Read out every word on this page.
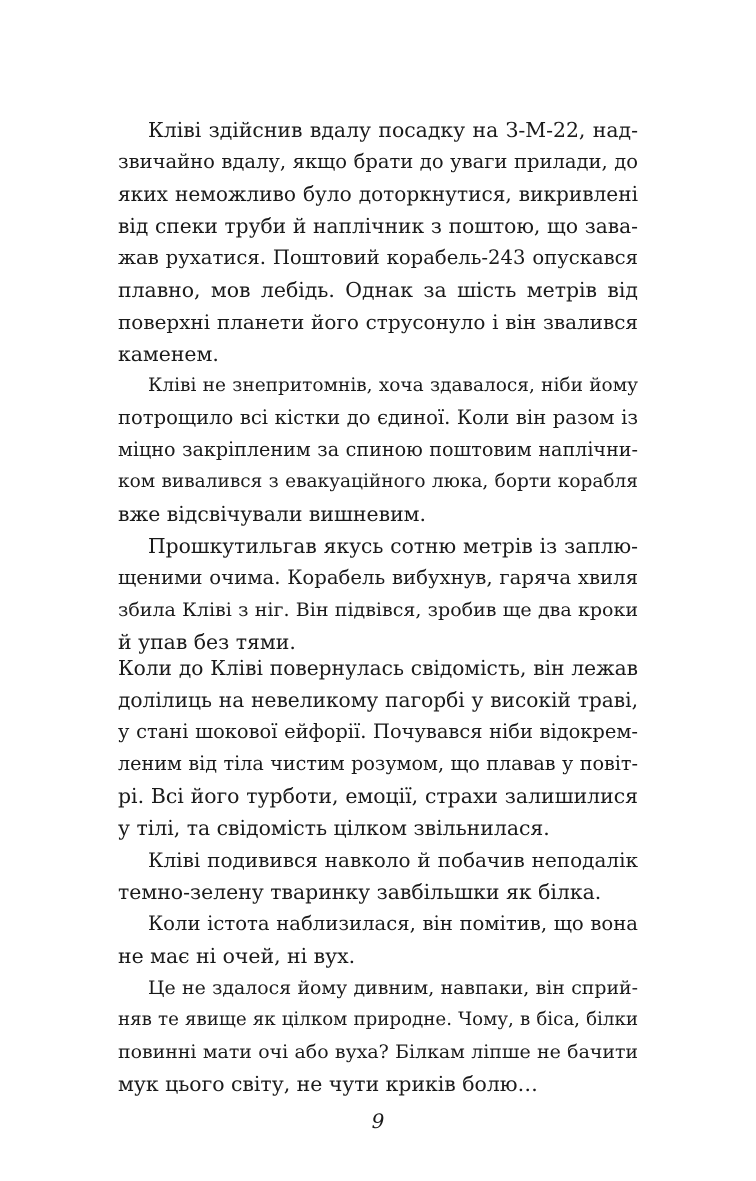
Кліві здійснив вдалу посадку на З-М-22, над-
звичайно вдалу, якщо брати до уваги прилади, до
яких неможливо було доторкнутися, викривлені
від спеки труби й наплічник з поштою, що зава-
жав рухатися. Поштовий корабель-243 опускався
плавно, мов лебідь. Однак за шість метрів від
поверхні планети його струсонуло і він звалився
каменем.
Кліві не знепритомнів, хоча здавалося, ніби йому
потрощило всі кістки до єдиної. Коли він разом із
міцно закріпленим за спиною поштовим наплічни-
ком вивалився з евакуаційного люка, борти корабля
вже відсвічували вишневим.
Прошкутильгав якусь сотню метрів із заплю-
щеними очима. Корабель вибухнув, гаряча хвиля
збила Кліві з ніг. Він підвівся, зробив ще два кроки
й упав без тями.
Коли до Кліві повернулась свідомість, він лежав
долілиць на невеликому пагорбі у високій траві,
у стані шокової ейфорії. Почувався ніби відокрем-
леним від тіла чистим розумом, що плавав у повіт-
рі. Всі його турботи, емоції, страхи залишилися
у тілі, та свідомість цілком звільнилася.
Кліві подивився навколо й побачив неподалік
темно-зелену тваринку завбільшки як білка.
Коли істота наблизилася, він помітив, що вона
не має ні очей, ні вух.
Це не здалося йому дивним, навпаки, він сприй-
няв те явище як цілком природне. Чому, в біса, білки
повинні мати очі або вуха? Білкам ліпше не бачити
мук цього світу, не чути криків болю…
9
